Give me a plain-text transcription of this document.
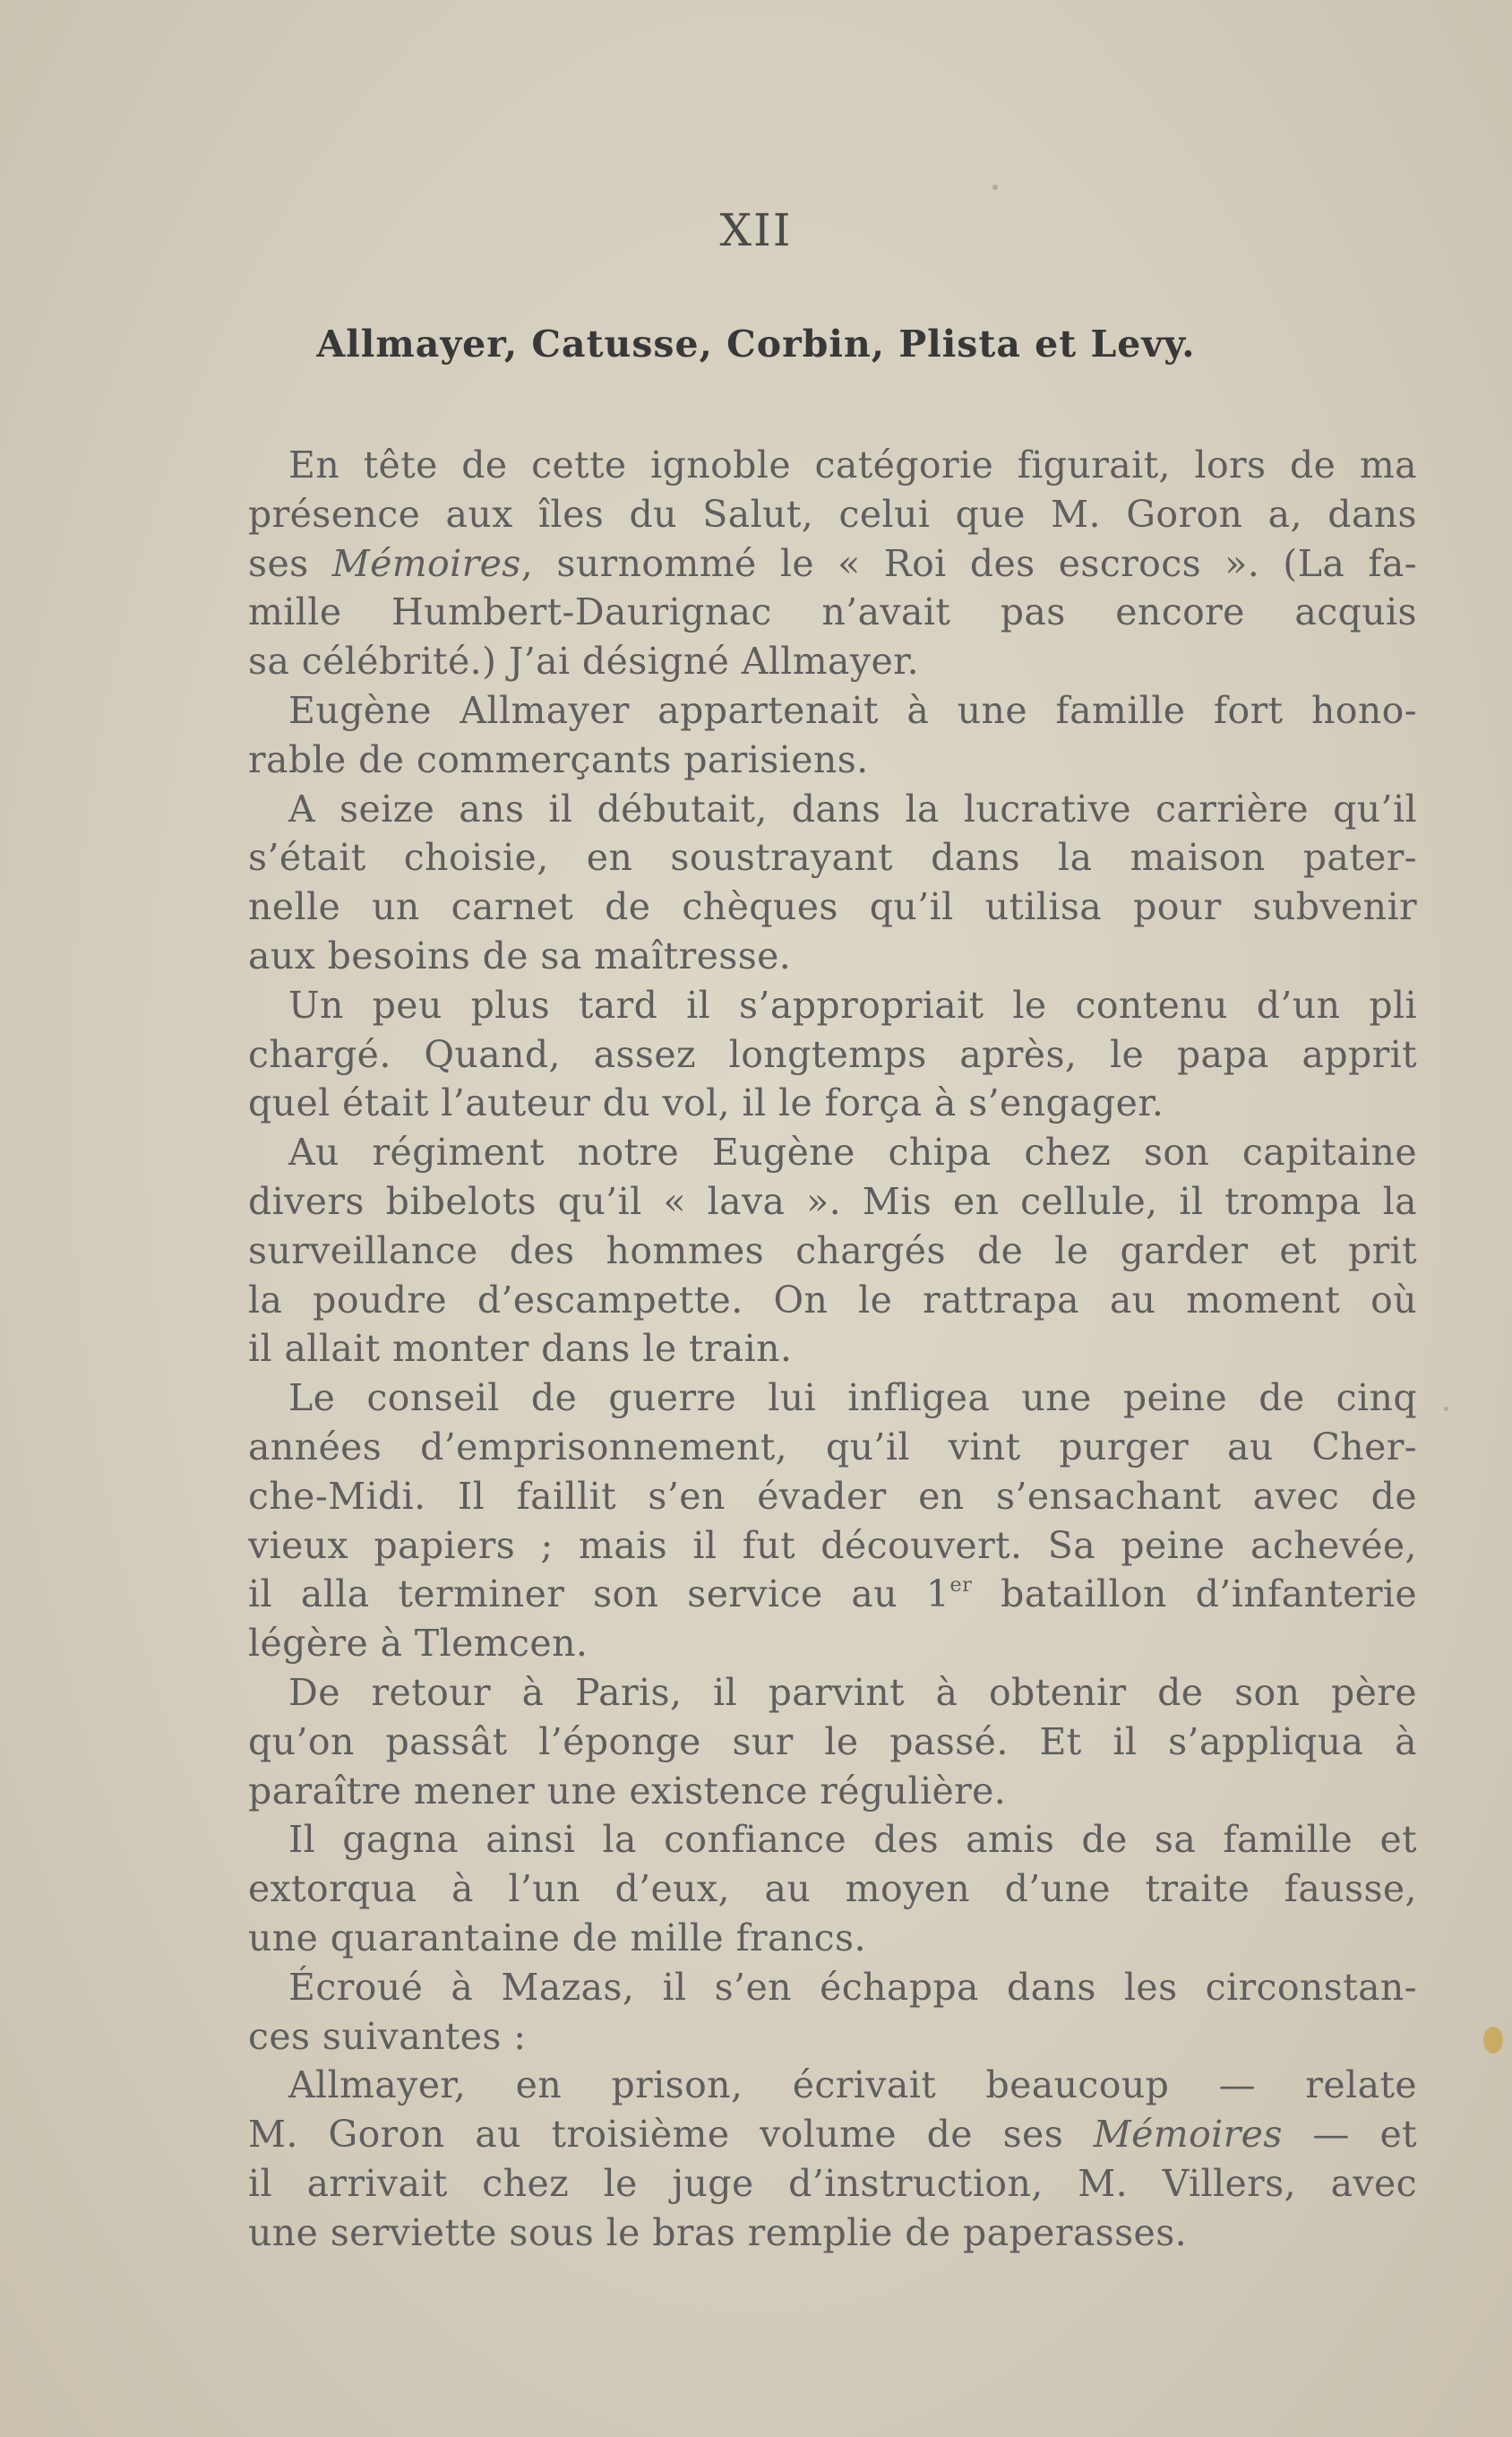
XII
Allmayer, Catusse, Corbin, Plista et Levy.
En tête de cette ignoble catégorie figurait, lors de ma
présence aux îles du Salut, celui que M. Goron a, dans
ses Mémoires, surnommé le « Roi des escrocs ». (La fa-
mille Humbert-Daurignac n’avait pas encore acquis
sa célébrité.) J’ai désigné Allmayer.
Eugène Allmayer appartenait à une famille fort hono-
rable de commerçants parisiens.
A seize ans il débutait, dans la lucrative carrière qu’il
s’était choisie, en soustrayant dans la maison pater-
nelle un carnet de chèques qu’il utilisa pour subvenir
aux besoins de sa maîtresse.
Un peu plus tard il s’appropriait le contenu d’un pli
chargé. Quand, assez longtemps après, le papa apprit
quel était l’auteur du vol, il le força à s’engager.
Au régiment notre Eugène chipa chez son capitaine
divers bibelots qu’il « lava ». Mis en cellule, il trompa la
surveillance des hommes chargés de le garder et prit
la poudre d’escampette. On le rattrapa au moment où
il allait monter dans le train.
Le conseil de guerre lui infligea une peine de cinq
années d’emprisonnement, qu’il vint purger au Cher-
che-Midi. Il faillit s’en évader en s’ensachant avec de
vieux papiers ; mais il fut découvert. Sa peine achevée,
il alla terminer son service au 1er bataillon d’infanterie
légère à Tlemcen.
De retour à Paris, il parvint à obtenir de son père
qu’on passât l’éponge sur le passé. Et il s’appliqua à
paraître mener une existence régulière.
Il gagna ainsi la confiance des amis de sa famille et
extorqua à l’un d’eux, au moyen d’une traite fausse,
une quarantaine de mille francs.
Écroué à Mazas, il s’en échappa dans les circonstan-
ces suivantes :
Allmayer, en prison, écrivait beaucoup — relate
M. Goron au troisième volume de ses Mémoires — et
il arrivait chez le juge d’instruction, M. Villers, avec
une serviette sous le bras remplie de paperasses.
